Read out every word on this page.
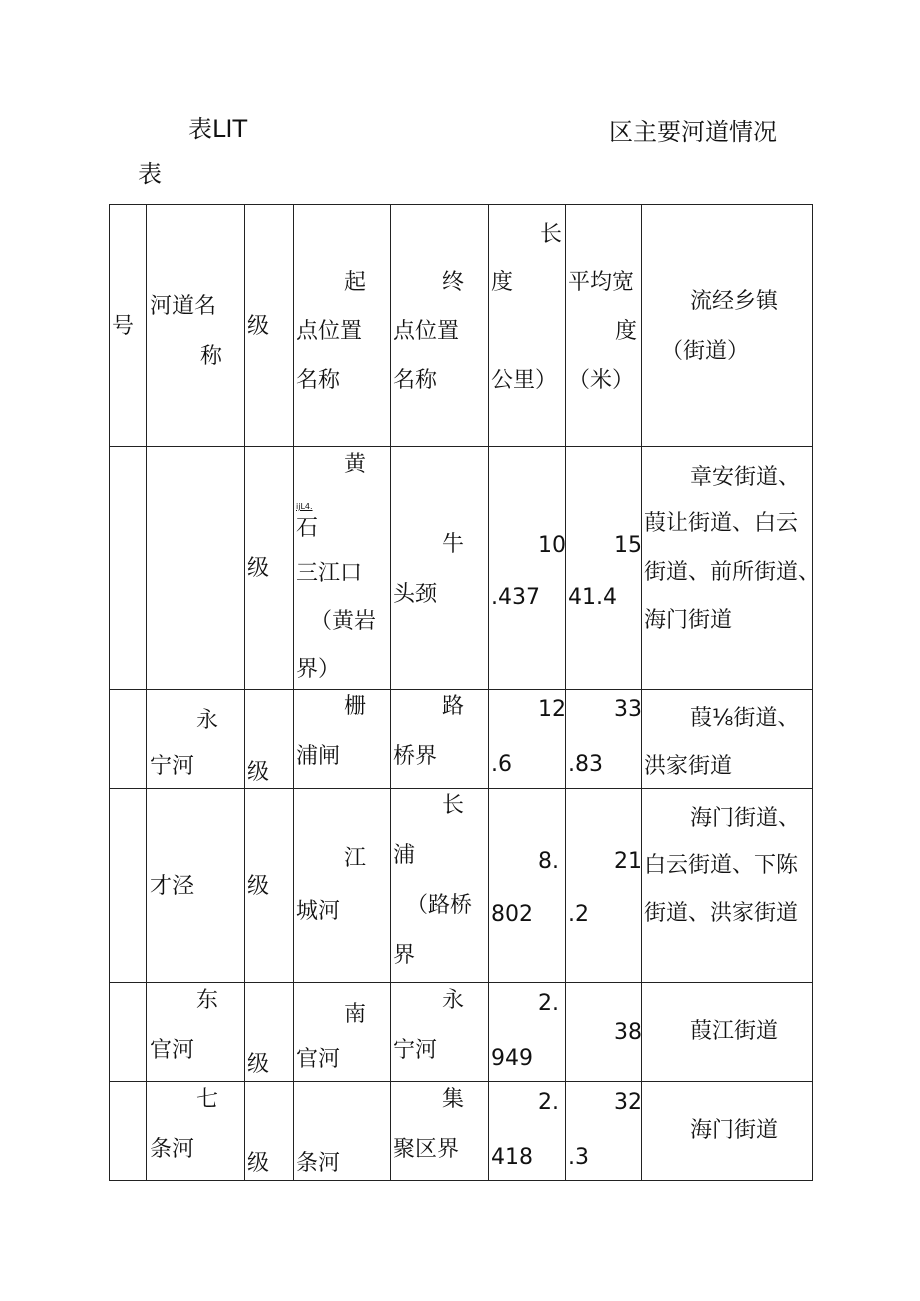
表LIT	区主要河道情况
表
号
河道名
称
级
起
点位置
名称
终
点位置
名称
长
度
公里）
平均宽
度
（米）
流经乡镇
（街道）
级
黄
ijL4.
石
三江口
（黄岩
界）
牛
头颈
10
.437
15
41.4
章安街道、
葭让街道、白云
街道、前所街道、
海门街道
永
宁河 级
栅
浦闸
路
桥界
12
.6
33
.83
葭⅛街道、
洪家街道
才泾 级
江
城河
长
浦
（路桥
界
8.
802
21
.2
海门街道、
白云街道、下陈
街道、洪家街道
东
官河
级
南
官河
永
宁河
2.
949
38 葭江街道
七
条河
级 条河
集
聚区界
2.
418
32
.3
海门街道
